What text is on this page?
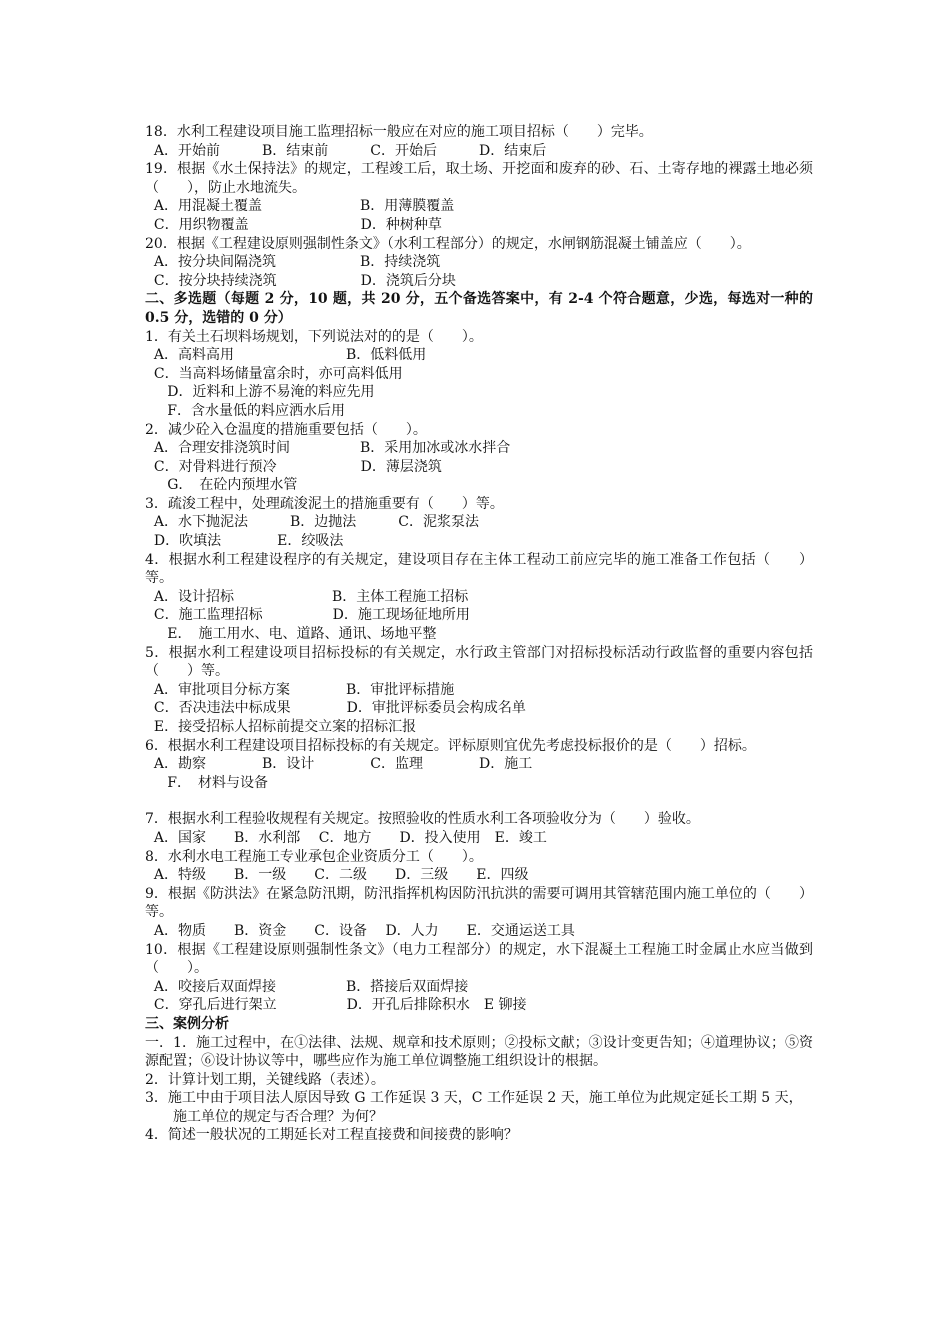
18．水利工程建设项目施工监理招标一般应在对应的施工项目招标（　　）完毕。
A．开始前　　　B．结束前　　　C．开始后　　　D．结束后
19．根据《水土保持法》的规定，工程竣工后，取土场、开挖面和废弃的砂、石、土寄存地的裸露土地必须（　　），防止水地流失。
A．用混凝土覆盖　　　　　　　B．用薄膜覆盖
C．用织物覆盖　　　　　　　　D．种树种草
20．根据《工程建设原则强制性条文》（水利工程部分）的规定，水闸钢筋混凝土铺盖应（　　）。
A．按分块间隔浇筑　　　　　　B．持续浇筑
C．按分块持续浇筑　　　　　　D．浇筑后分块
二、多选题（每题 2 分，10 题，共 20 分，五个备选答案中，有 2-4 个符合题意，少选，每选对一种的 0.5 分，选错的 0 分）
1．有关土石坝料场规划，下列说法对的的是（　　）。
A．高料高用　　　　　　　　B．低料低用
C．当高料场储量富余时，亦可高料低用
D．近料和上游不易淹的料应先用
F．含水量低的料应洒水后用
2．减少砼入仓温度的措施重要包括（　　）。
A．合理安排浇筑时间　　　　　B．采用加冰或冰水拌合
C．对骨料进行预冷　　　　　　D．薄层浇筑
G．　在砼内预埋水管
3．疏浚工程中，处理疏浚泥土的措施重要有（　　）等。
A．水下抛泥法　　　B．边抛法　　　C．泥浆泵法
D．吹填法　　　　E．绞吸法
4．根据水利工程建设程序的有关规定，建设项目存在主体工程动工前应完毕的施工准备工作包括（　　）等。
A．设计招标　　　　　　　B．主体工程施工招标
C．施工监理招标　　　　　D．施工现场征地所用
E．　施工用水、电、道路、通讯、场地平整
5．根据水利工程建设项目招标投标的有关规定，水行政主管部门对招标投标活动行政监督的重要内容包括（　　）等。
A．审批项目分标方案　　　　B．审批评标措施
C．否决违法中标成果　　　　D．审批评标委员会构成名单
E．接受招标人招标前提交立案的招标汇报
6．根据水利工程建设项目招标投标的有关规定。评标原则宜优先考虑投标报价的是（　　）招标。
A．勘察　　　　B．设计　　　　C．监理　　　　D．施工
F．　材料与设备
7．根据水利工程验收规程有关规定。按照验收的性质水利工各项验收分为（　　）验收。
A．国家　　B．水利部　 C．地方　　D．投入使用　E．竣工
8．水利水电工程施工专业承包企业资质分工（　　）。
A．特级　　B．一级　　C．二级　　D．三级　　E．四级
9．根据《防洪法》在紧急防汛期，防汛指挥机构因防汛抗洪的需要可调用其管辖范围内施工单位的（　　）等。
A．物质　　B．资金　　C．设备　 D．人力　　E．交通运送工具
10．根据《工程建设原则强制性条文》（电力工程部分）的规定，水下混凝土工程施工时金属止水应当做到（　　）。
A．咬接后双面焊接　　　　　B．搭接后双面焊接
C．穿孔后进行架立　　　　　D．开孔后排除积水　E 铆接
三、案例分析
一．1．施工过程中，在①法律、法规、规章和技术原则；②投标文献；③设计变更告知；④道理协议；⑤资源配置；⑥设计协议等中，哪些应作为施工单位调整施工组织设计的根据。
2．计算计划工期，关键线路（表述）。
3．施工中由于项目法人原因导致 G 工作延误 3 天，C 工作延误 2 天，施工单位为此规定延长工期 5 天，施工单位的规定与否合理？为何？
4．简述一般状况的工期延长对工程直接费和间接费的影响？
